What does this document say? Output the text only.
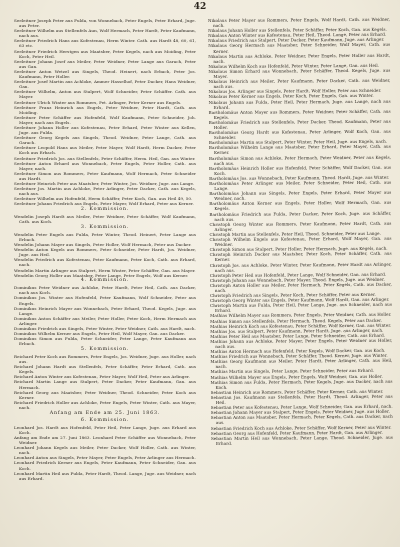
42

Seeleitner Joseph Peter aus Fulda, von Wonnebach, Peter Engels, Peter Erhard, Juge. aus Peter.

Seeleitner Wilhelm aus Stellenfels Aun, Wolf Hermach, Peter Hardt, Peter Kaufmann, nach aus.

Seeleitner Friedrich Hans aus Kofestenau, Herm Winter. Cath. aus Hardt 48, 60, 61, 63 etc.

Seeleitner Friedrich Herstgen aus Maatsber, Peter Kegels, nach aus Moiding, Peter Koch, Peter Heil.

Seeleitner Johann Josef aus Meiler, Peter Weidner, Peter Lange aus Garach, Peter aus Gan.

Seeleitner Anton Wetzel aus Singels, Theod. Heinert, nach Erbach, Peter Jos. Kaufmann, Peter Holler.

Seeleitner Josef Martin aus Achloke, Ammer Hasselhof, Peter Dacker, Hans Weidner, Gan.

Seeleitner Wilhelm, Anton aus Stalpert, Wolf Schneider, Peter Schäffer. Cath. aus Mayer.

Seeleitner Ulrich Winter aus Rommers, Pet. Arlinger, Peter Kerner aus Engels.

Seeleitner Franz Heinrich aus Engels, Peter Weidner, Peter Hardt, Cath. aus Moiding.

Seeleitner Peter Schäffer aus Hofenfeld, Wolf Kaufmann, Peter Schneider, Joh. Mayer, nach aus Engels.

Seeleitner Johann Holler aus Kofestenau, Peter Erhard, Peter Winter aus Kellen, Juge. aus Fulda.

Seeleitner Georg Kegels aus Singels, Theod. Weidner, Peter Lange, Cath. aus Garach.

Seeleitner Leopold Hans aus Meiler, Peter Mayer, Wolf Hardt, Herm Dacker, Peter Koch aus Erbach.

Seeleitner Friedrich Jos. aus Stellenfels, Peter Schäffer, Herm. Heil, Gan. aus Winter.

Seeleitner Anton Erhard aus Wonnebach, Peter Engels, Peter Holler, Cath. aus Mayer, nach.

Seeleitner Simon aus Rommers, Peter Kaufmann, Wolf Hermach, Peter Schneider aus Hardt.

Seeleitner Heinrich Peter aus Maatsber, Peter Winter, Jos. Weidner, Juge. aus Lange.

Seeleitner Jos. Martin aus Achloke, Peter Arlinger, Peter Dacker, Cath. aus Kegels, nach aus.

Seeleitner Wilhelm aus Hofenfeld, Herm Schäffer, Peter Koch, Gan. aus Heil 49, 50.

Seeleitner Johann Friedrich aus Engels, Peter Mayer, Wolf Erhard, Peter aus Kerner.

2. Kommission.

Wendelin Joseph Hardt aus Meiler, Peter Weidner, Peter Schäffer, Wolf Kaufmann, Cath. aus Koch.

3. Kommission.

Wendelin Peter Engels aus Fulda, Peter Winter, Theod. Heinert, Peter Lange aus Erbach.

Wendelin Johann Mayer aus Singels, Peter Holler, Wolf Hermach, Peter aus Dacker.

Wendelin Anton Kegels aus Rommers, Peter Schneider, Peter Hardt, Jos. Weidner, Juge. aus Heil.

Wendelin Friedrich aus Kofestenau, Peter Kaufmann, Peter Koch, Cath. aus Erhard, nach.

Wendelin Martin Arlinger aus Stalpert, Herm Winter, Peter Schäffer, Gan. aus Mayer.

Wendelin Georg Holler aus Maatsber, Peter Lange, Peter Engels, Wolf aus Kerner.

4. Kommission.

Dominikus Peter Weidner aus Achloke, Peter Hardt, Peter Heil, Cath. aus Dacker, nach aus Koch.

Dominikus Jos. Winter aus Hofenfeld, Peter Kaufmann, Wolf Schneider, Peter aus Engels.

Dominikus Heinrich Mayer aus Wonnebach, Peter Erhard, Theod. Kegels, Juge. aus Lange.

Dominikus Anton Schäffer aus Meiler, Peter Holler, Peter Koch, Herm Hermach aus Arlinger.

Dominikus Friedrich aus Singels, Peter Winter, Peter Weidner, Cath. aus Hardt, nach.

Dominikus Wilhelm Kerner aus Engels, Peter Heil, Wolf Mayer, Gan. aus Dacker.

Dominikus Simon aus Fulda, Peter Schneider, Peter Lange, Peter Kaufmann aus Erbach.

5. Kommission.

Reichard Peter Koch aus Rommers, Peter Engels, Jos. Weidner, Juge. aus Holler, nach aus.

Reichard Johann Hardt aus Stellenfels, Peter Schäffer, Peter Erhard, Cath. aus Kegels.

Reichard Anton Winter aus Kofestenau, Peter Mayer, Wolf Heil, Peter aus Arlinger.

Reichard Martin Lange aus Stalpert, Peter Dacker, Peter Kaufmann, Gan. aus Hermach.

Reichard Georg aus Maatsber, Peter Weidner, Theod. Schneider, Peter Koch aus Kerner.

Reichard Friedrich Holler aus Achloke, Peter Engels, Peter Winter, Cath. aus Mayer, nach.

Anfang am Ende am 25. Juni 1863.

6. Kommission.

Leonhard Jos. Hardt aus Hofenfeld, Peter Heil, Peter Lange, Juge. aus Erhard aus Koch.

Anfang am Ende am 27. Juni 1863. Leonhard Peter Schäffer aus Wonnebach, Peter Weidner.

Leonhard Johann Kegels aus Meiler, Peter Dacker, Wolf Holler, Cath. aus Winter, nach.

Leonhard Anton aus Singels, Peter Mayer, Peter Engels, Peter Arlinger aus Hermach.

Leonhard Friedrich Kerner aus Engels, Peter Kaufmann, Peter Schneider, Gan. aus Koch.

Leonhard Martin Heil aus Fulda, Peter Hardt, Theod. Lange, Juge. aus Weidner, nach aus Erhard.

Nikolaus Peter Mayer aus Rommers, Peter Engels, Wolf Hardt, Cath. aus Weidner, nach.

Nikolaus Johann Holler aus Stellenfels, Peter Schäffer, Peter Koch, Gan. aus Kegels.

Nikolaus Anton Winter aus Kofestenau, Peter Heil, Theod. Lange, Peter aus Erhard.

Nikolaus Friedrich aus Stalpert, Peter Dacker, Peter Kaufmann, Juge. aus Arlinger.

Nikolaus Georg Hermach aus Maatsber, Peter Schneider, Wolf Mayer, Cath. aus Kerner.

Nikolaus Martin aus Achloke, Peter Weidner, Peter Engels, Peter Holler aus Hardt, nach.

Nikolaus Wilhelm Koch aus Hofenfeld, Peter Winter, Peter Lange, Gan. aus Heil.

Nikolaus Simon Erhard aus Wonnebach, Peter Schäffer, Theod. Kegels, Juge. aus Mayer.

Nikolaus Heinrich aus Meiler, Peter Kaufmann, Peter Dacker, Cath. aus Weidner, nach aus.

Nikolaus Jos. Arlinger aus Singels, Peter Hardt, Wolf Holler, Peter aus Schneider.

Nikolaus Peter Kerner aus Engels, Peter Koch, Peter Engels, Gan. aus Winter.

Nikolaus Johann aus Fulda, Peter Heil, Peter Hermach, Juge. aus Lange, nach aus Erhard.

Bartholomäus Anton Mayer aus Rommers, Peter Weidner, Peter Schäffer, Cath. aus Kegels.

Bartholomäus Friedrich aus Stellenfels, Peter Dacker, Theod. Kaufmann, Peter aus Holler.

Bartholomäus Georg Hardt aus Kofestenau, Peter Arlinger, Wolf Koch, Gan. aus Schneider.

Bartholomäus Martin aus Stalpert, Peter Winter, Peter Heil, Juge. aus Engels, nach.

Bartholomäus Wilhelm Lange aus Maatsber, Peter Erhard, Peter Mayer, Cath. aus Kerner.

Bartholomäus Simon aus Achloke, Peter Hermach, Peter Weidner, Peter aus Kegels, nach aus.

Bartholomäus Heinrich Holler aus Hofenfeld, Peter Schäffer, Wolf Dacker, Gan. aus Koch.

Bartholomäus Jos. aus Wonnebach, Peter Kaufmann, Theod. Hardt, Juge. aus Winter.

Bartholomäus Peter Arlinger aus Meiler, Peter Schneider, Peter Heil, Cath. aus Lange.

Bartholomäus Johann aus Singels, Peter Engels, Peter Erhard, Peter Mayer aus Weidner, nach.

Bartholomäus Anton Kerner aus Engels, Peter Holler, Wolf Hermach, Gan. aus Kegels.

Bartholomäus Friedrich aus Fulda, Peter Dacker, Peter Koch, Juge. aus Schäffer, nach aus.

Christoph Georg Winter aus Rommers, Peter Kaufmann, Peter Hardt, Cath. aus Arlinger.

Christoph Martin aus Stellenfels, Peter Heil, Theod. Schneider, Peter aus Lange.

Christoph Wilhelm Engels aus Kofestenau, Peter Erhard, Wolf Mayer, Gan. aus Weidner.

Christoph Simon aus Stalpert, Peter Holler, Peter Hermach, Juge. aus Kegels, nach.

Christoph Heinrich Dacker aus Maatsber, Peter Koch, Peter Schäffer, Cath. aus Kerner.

Christoph Jos. aus Achloke, Peter Winter, Peter Kaufmann, Peter Hardt aus Arlinger, nach aus.

Christoph Peter Heil aus Hofenfeld, Peter Lange, Wolf Schneider, Gan. aus Erhard.

Christoph Johann aus Wonnebach, Peter Mayer, Theod. Engels, Juge. aus Weidner.

Christoph Anton Holler aus Meiler, Peter Hermach, Peter Kegels, Cath. aus Dacker, nach.

Christoph Friedrich aus Singels, Peter Koch, Peter Schäffer, Peter aus Kerner.

Christoph Georg Winter aus Engels, Peter Kaufmann, Wolf Hardt, Gan. aus Arlinger.

Christoph Martin aus Fulda, Peter Heil, Peter Lange, Juge. aus Schneider, nach aus Erhard.

Mathias Wilhelm Mayer aus Rommers, Peter Engels, Peter Weidner, Cath. aus Holler.

Mathias Simon aus Stellenfels, Peter Hermach, Theod. Kegels, Peter aus Dacker.

Mathias Heinrich Koch aus Kofestenau, Peter Schäffer, Wolf Kerner, Gan. aus Winter.

Mathias Jos. aus Stalpert, Peter Kaufmann, Peter Hardt, Juge. aus Arlinger, nach.

Mathias Peter Heil aus Maatsber, Peter Lange, Peter Schneider, Cath. aus Erhard.

Mathias Johann aus Achloke, Peter Mayer, Peter Engels, Peter Weidner aus Holler, nach aus.

Mathias Anton Hermach aus Hofenfeld, Peter Kegels, Wolf Dacker, Gan. aus Koch.

Mathias Friedrich aus Wonnebach, Peter Schäffer, Theod. Kerner, Juge. aus Winter.

Mathias Georg Kaufmann aus Meiler, Peter Hardt, Peter Arlinger, Cath. aus Heil, nach.

Mathias Martin aus Singels, Peter Lange, Peter Schneider, Peter aus Erhard.

Mathias Wilhelm Mayer aus Engels, Peter Engels, Wolf Weidner, Gan. aus Holler.

Mathias Simon aus Fulda, Peter Hermach, Peter Kegels, Juge. aus Dacker, nach aus Koch.

Sebastian Heinrich aus Rommers, Peter Schäffer, Peter Kerner, Cath. aus Winter.

Sebastian Jos. Kaufmann aus Stellenfels, Peter Hardt, Theod. Arlinger, Peter aus Heil.

Sebastian Peter aus Kofestenau, Peter Lange, Wolf Schneider, Gan. aus Erhard, nach.

Sebastian Johann Mayer aus Stalpert, Peter Engels, Peter Weidner, Juge. aus Holler.

Sebastian Anton aus Maatsber, Peter Hermach, Peter Kegels, Cath. aus Dacker, nach aus.

Sebastian Friedrich Koch aus Achloke, Peter Schäffer, Wolf Kerner, Peter aus Winter.

Sebastian Georg aus Hofenfeld, Peter Kaufmann, Peter Hardt, Gan. aus Arlinger.

Sebastian Martin Heil aus Wonnebach, Peter Lange, Theod. Schneider, Juge. aus Erhard.
